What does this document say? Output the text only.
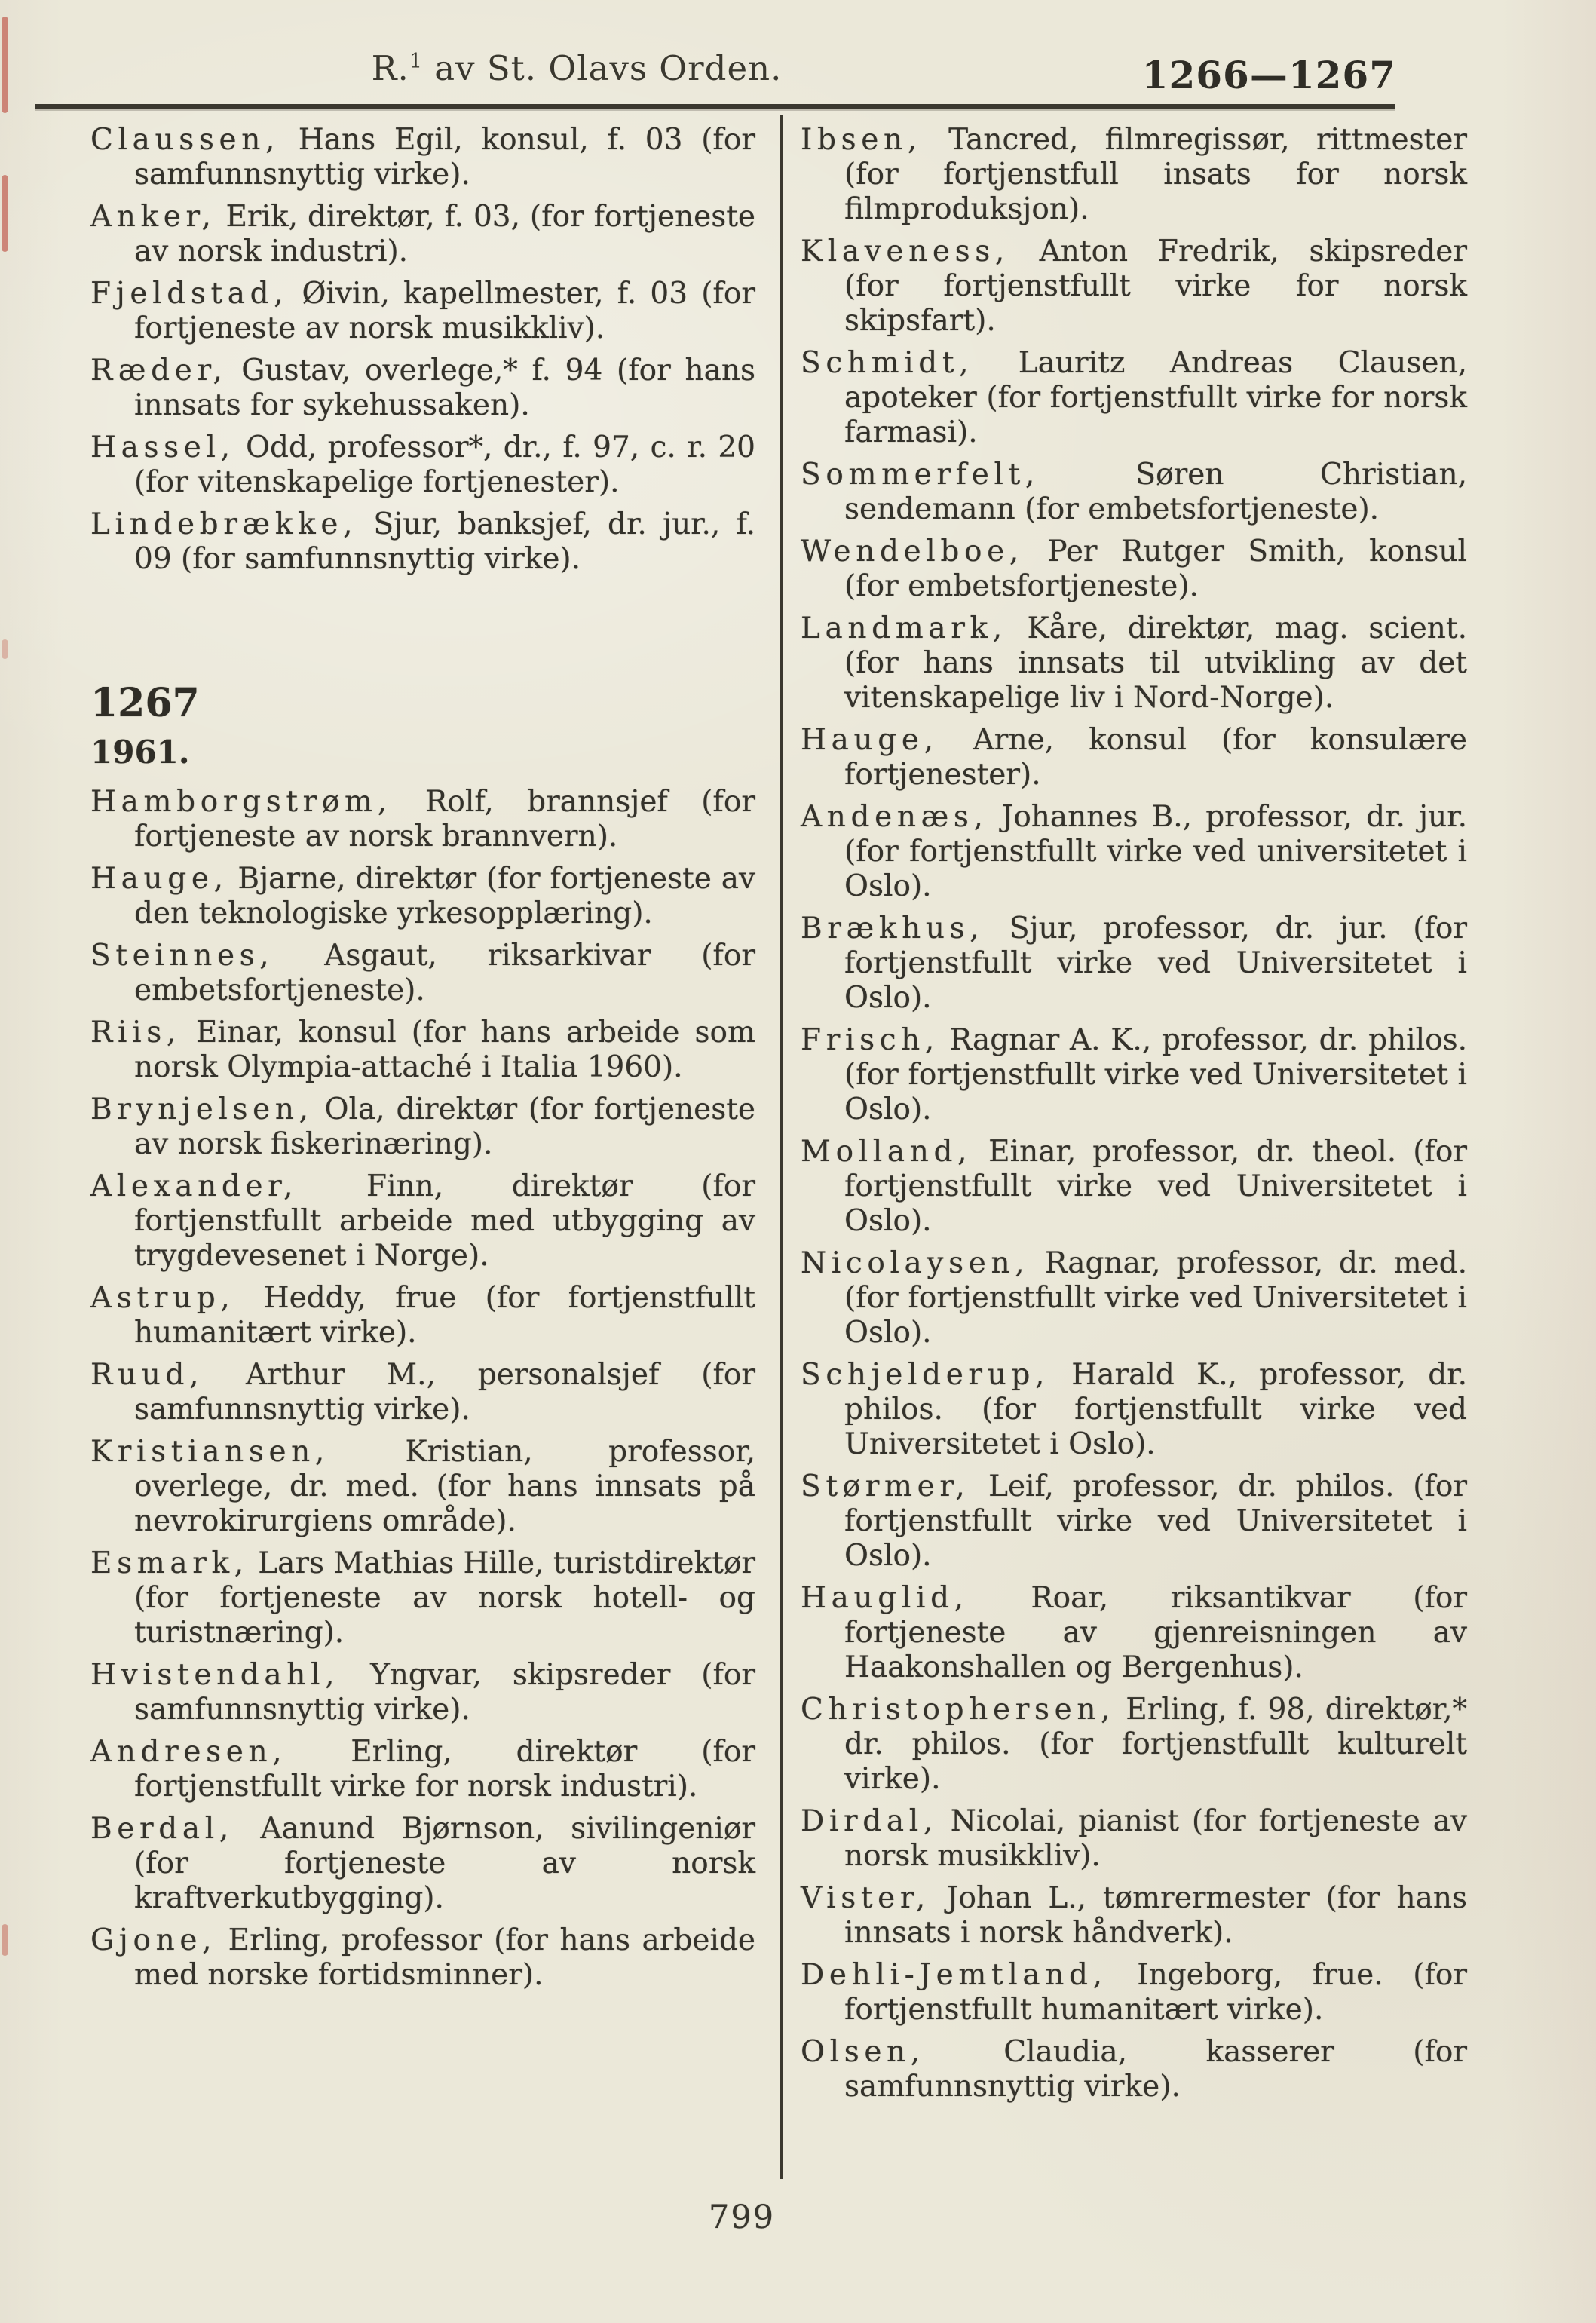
R.$^1$ av St. Olavs Orden.	1266—1267

Claussen, Hans Egil, konsul, f. 03 (for samfunnsnyttig virke).

Anker, Erik, direktør, f. 03, (for fortjeneste av norsk industri).

Fjeldstad, Øivin, kapellmester, f. 03 (for fortjeneste av norsk musikkliv).

Ræder, Gustav, overlege,* f. 94 (for hans innsats for sykehussaken).

Hassel, Odd, professor*, dr., f. 97, c. r. 20 (for vitenskapelige fortjenester).

Lindebrække, Sjur, banksjef, dr. jur., f. 09 (for samfunnsnyttig virke).

1267
1961.

Hamborgstrøm, Rolf, brannsjef (for fortjeneste av norsk brannvern).

Hauge, Bjarne, direktør (for fortjeneste av den teknologiske yrkesopplæring).

Steinnes, Asgaut, riksarkivar (for embetsfortjeneste).

Riis, Einar, konsul (for hans arbeide som norsk Olympia-attaché i Italia 1960).

Brynjelsen, Ola, direktør (for fortjeneste av norsk fiskerinæring).

Alexander, Finn, direktør (for fortjenstfullt arbeide med utbygging av trygdevesenet i Norge).

Astrup, Heddy, frue (for fortjenstfullt humanitært virke).

Ruud, Arthur M., personalsjef (for samfunnsnyttig virke).

Kristiansen, Kristian, professor, overlege, dr. med. (for hans innsats på nevrokirurgiens område).

Esmark, Lars Mathias Hille, turistdirektør (for fortjeneste av norsk hotell- og turistnæring).

Hvistendahl, Yngvar, skipsreder (for samfunnsnyttig virke).

Andresen, Erling, direktør (for fortjenstfullt virke for norsk industri).

Berdal, Aanund Bjørnson, sivilingeniør (for fortjeneste av norsk kraftverkutbygging).

Gjone, Erling, professor (for hans arbeide med norske fortidsminner).

Ibsen, Tancred, filmregissør, rittmester (for fortjenstfull insats for norsk filmproduksjon).

Klaveness, Anton Fredrik, skipsreder (for fortjenstfullt virke for norsk skipsfart).

Schmidt, Lauritz Andreas Clausen, apoteker (for fortjenstfullt virke for norsk farmasi).

Sommerfelt, Søren Christian, sendemann (for embetsfortjeneste).

Wendelboe, Per Rutger Smith, konsul (for embetsfortjeneste).

Landmark, Kåre, direktør, mag. scient. (for hans innsats til utvikling av det vitenskapelige liv i Nord-Norge).

Hauge, Arne, konsul (for konsulære fortjenester).

Andenæs, Johannes B., professor, dr. jur. (for fortjenstfullt virke ved universitetet i Oslo).

Brækhus, Sjur, professor, dr. jur. (for fortjenstfullt virke ved Universitetet i Oslo).

Frisch, Ragnar A. K., professor, dr. philos. (for fortjenstfullt virke ved Universitetet i Oslo).

Molland, Einar, professor, dr. theol. (for fortjenstfullt virke ved Universitetet i Oslo).

Nicolaysen, Ragnar, professor, dr. med. (for fortjenstfullt virke ved Universitetet i Oslo).

Schjelderup, Harald K., professor, dr. philos. (for fortjenstfullt virke ved Universitetet i Oslo).

Størmer, Leif, professor, dr. philos. (for fortjenstfullt virke ved Universitetet i Oslo).

Hauglid, Roar, riksantikvar (for fortjeneste av gjenreisningen av Haakonshallen og Bergenhus).

Christophersen, Erling, f. 98, direktør,* dr. philos. (for fortjenstfullt kulturelt virke).

Dirdal, Nicolai, pianist (for fortjeneste av norsk musikkliv).

Vister, Johan L., tømrermester (for hans innsats i norsk håndverk).

Dehli-Jemtland, Ingeborg, frue. (for fortjenstfullt humanitært virke).

Olsen, Claudia, kasserer (for samfunnsnyttig virke).

799
